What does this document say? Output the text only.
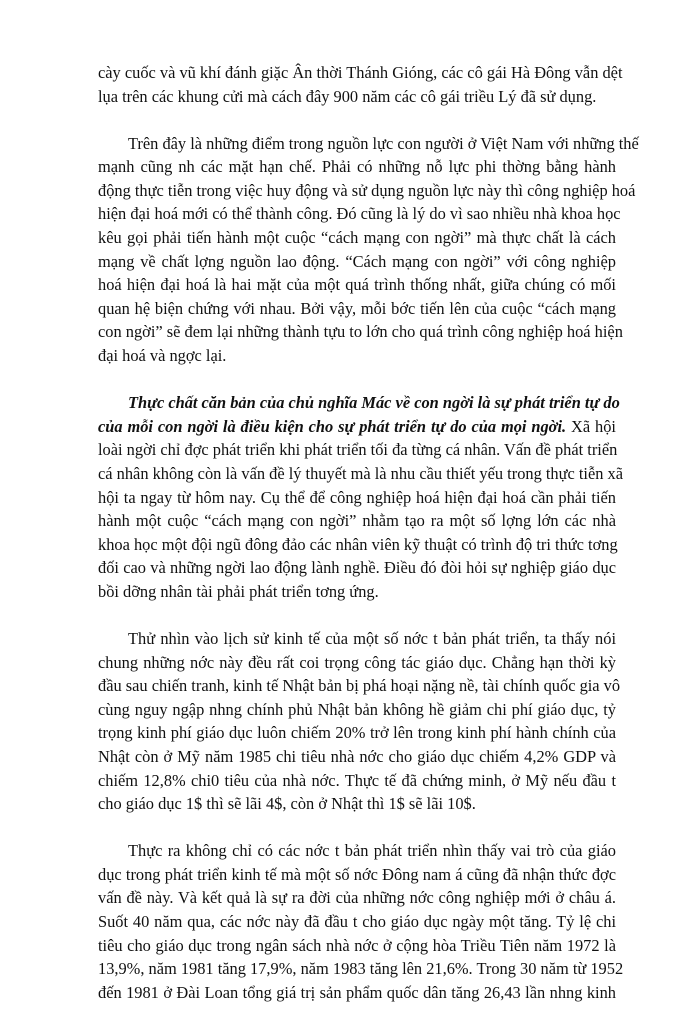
cày cuốc và vũ khí đánh giặc Ân thời Thánh Gióng, các cô gái Hà Đông vẫn dệt
lụa trên các khung cửi mà cách đây 900 năm các cô gái triều Lý đã sử dụng.

Trên đây là những điểm trong nguồn lực con người ở Việt Nam với những thế
mạnh cũng nh các mặt hạn chế. Phải có những nỗ lực phi thờng bằng hành
động thực tiễn trong việc huy động và sử dụng nguồn lực này thì công nghiệp hoá
hiện đại hoá mới có thể thành công. Đó cũng là lý do vì sao nhiều nhà khoa học
kêu gọi phải tiến hành một cuộc “cách mạng con ngời” mà thực chất là cách
mạng về chất lợng nguồn lao động. “Cách mạng con ngời” với công nghiệp
hoá hiện đại hoá là hai mặt của một quá trình thống nhất, giữa chúng có mối
quan hệ biện chứng với nhau. Bởi vậy, mỗi bớc tiến lên của cuộc “cách mạng
con ngời” sẽ đem lại những thành tựu to lớn cho quá trình công nghiệp hoá hiện
đại hoá và ngợc lại.

Thực chất căn bản của chủ nghĩa Mác về con ngời là sự phát triển tự do
của mỗi con ngời là điều kiện cho sự phát triển tự do của mọi ngời. Xã hội
loài ngời chỉ đợc phát triển khi phát triển tối đa từng cá nhân. Vấn đề phát triển
cá nhân không còn là vấn đề lý thuyết mà là nhu cầu thiết yếu trong thực tiễn xã
hội ta ngay từ hôm nay. Cụ thể để công nghiệp hoá hiện đại hoá cần phải tiến
hành một cuộc “cách mạng con ngời” nhằm tạo ra một số lợng lớn các nhà
khoa học một đội ngũ đông đảo các nhân viên kỹ thuật có trình độ tri thức tơng
đối cao và những ngời lao động lành nghề. Điều đó đòi hỏi sự nghiệp giáo dục
bồi dỡng nhân tài phải phát triển tơng ứng.

Thử nhìn vào lịch sử kinh tế của một số nớc t bản phát triển, ta thấy nói
chung những nớc này đều rất coi trọng công tác giáo dục. Chẳng hạn thời kỳ
đầu sau chiến tranh, kinh tế Nhật bản bị phá hoại nặng nề, tài chính quốc gia vô
cùng nguy ngập nhng chính phủ Nhật bản không hề giảm chi phí giáo dục, tỷ
trọng kinh phí giáo dục luôn chiếm 20% trở lên trong kinh phí hành chính của
Nhật còn ở Mỹ năm 1985 chi tiêu nhà nớc cho giáo dục chiếm 4,2% GDP và
chiếm 12,8% chi0 tiêu của nhà nớc. Thực tế đã chứng minh, ở Mỹ nếu đầu t
cho giáo dục 1$ thì sẽ lãi 4$, còn ở Nhật thì 1$ sẽ lãi 10$.

Thực ra không chỉ có các nớc t bản phát triển nhìn thấy vai trò của giáo
dục trong phát triển kinh tế mà một số nớc Đông nam á cũng đã nhận thức đợc
vấn đề này. Và kết quả là sự ra đời của những nớc công nghiệp mới ở châu á.
Suốt 40 năm qua, các nớc này đã đầu t cho giáo dục ngày một tăng. Tỷ lệ chi
tiêu cho giáo dục trong ngân sách nhà nớc ở cộng hòa Triều Tiên năm 1972 là
13,9%, năm 1981 tăng 17,9%, năm 1983 tăng lên 21,6%. Trong 30 năm từ 1952
đến 1981 ở Đài Loan tổng giá trị sản phẩm quốc dân tăng 26,43 lần nhng kinh
